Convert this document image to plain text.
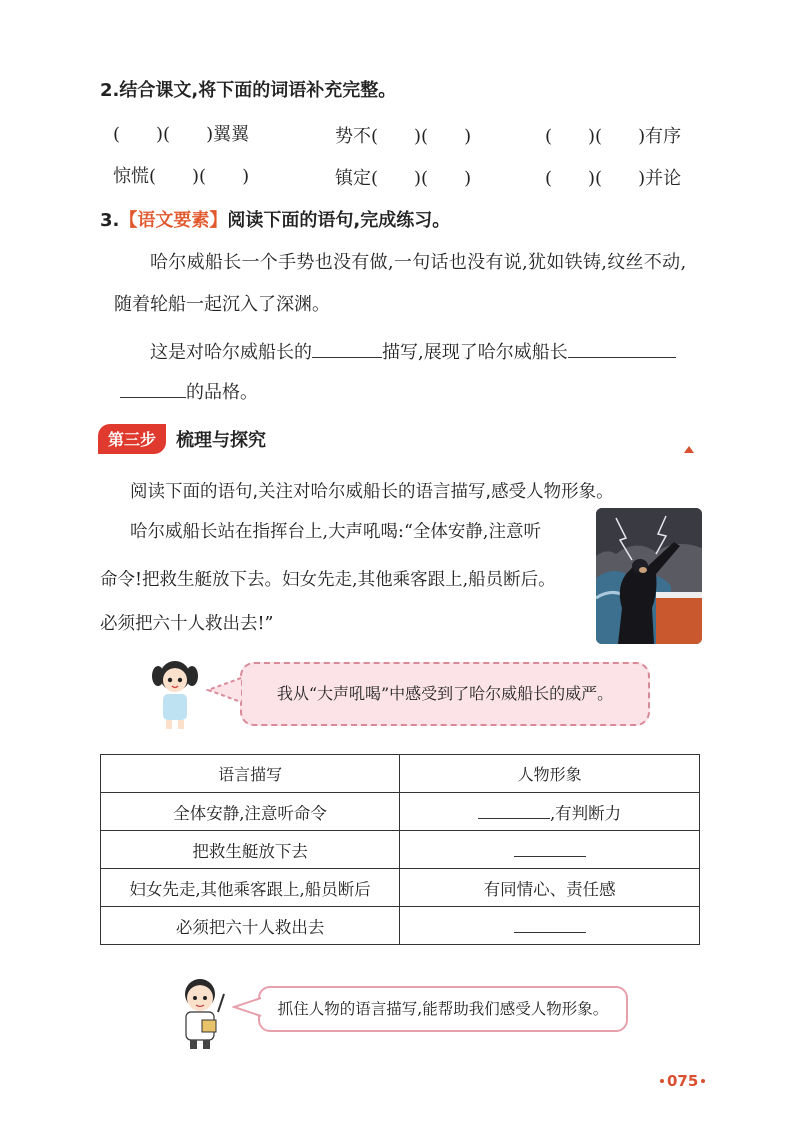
2.结合课文,将下面的词语补充完整。
(　　)(　　)翼翼	势不(　　)(　　)	(　　)(　　)有序
惊慌(　　)(　　)	镇定(　　)(　　)	(　　)(　　)并论
3.【语文要素】阅读下面的语句,完成练习。
哈尔威船长一个手势也没有做,一句话也没有说,犹如铁铸,纹丝不动,
随着轮船一起沉入了深渊。
这是对哈尔威船长的	描写,展现了哈尔威船长
的品格。
第三步	梳理与探究
阅读下面的语句,关注对哈尔威船长的语言描写,感受人物形象。
哈尔威船长站在指挥台上,大声吼喝:“全体安静,注意听
命令!把救生艇放下去。妇女先走,其他乘客跟上,船员断后。
必须把六十人救出去!”
我从“大声吼喝”中感受到了哈尔威船长的威严。
语言描写	人物形象
全体安静,注意听命令	,有判断力
把救生艇放下去	
妇女先走,其他乘客跟上,船员断后	有同情心、责任感
必须把六十人救出去	
抓住人物的语言描写,能帮助我们感受人物形象。
075
